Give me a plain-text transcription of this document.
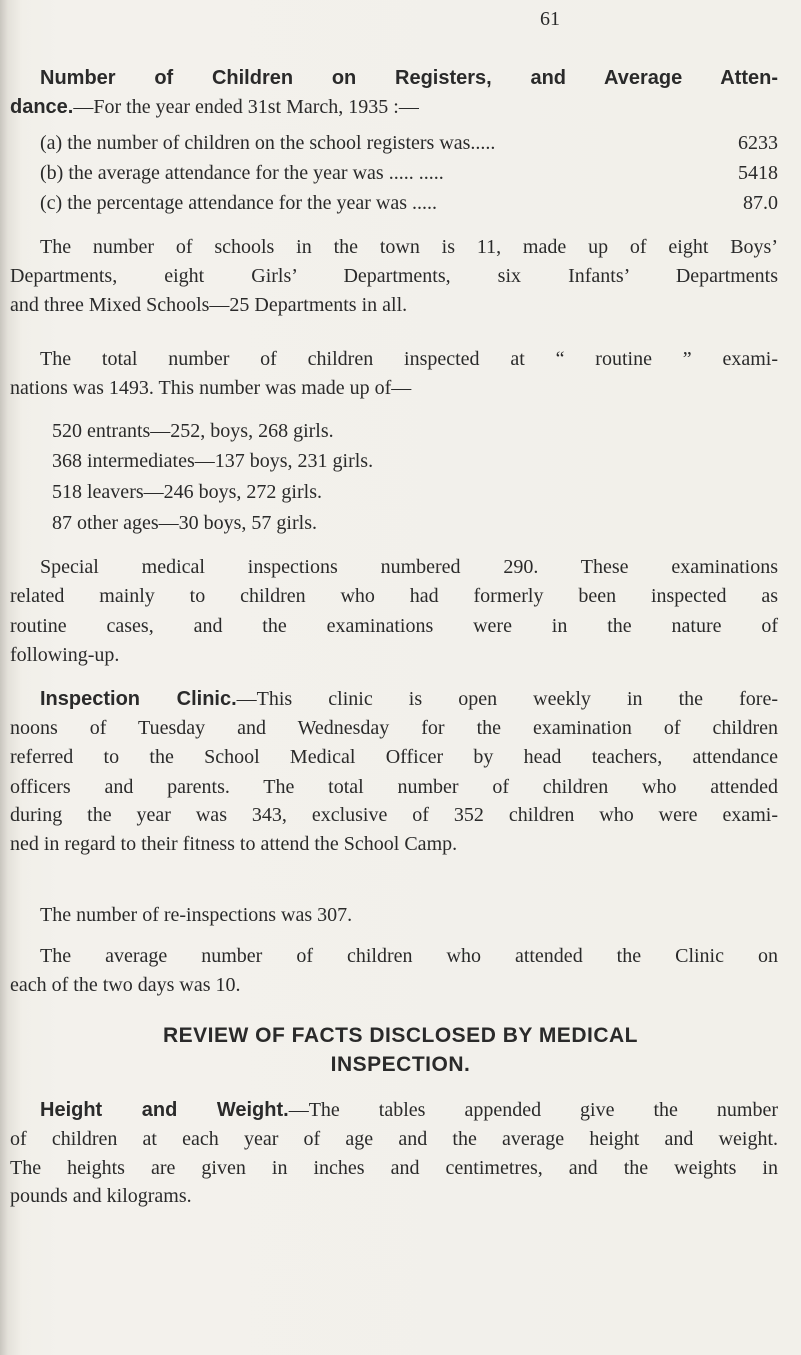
61
Number of Children on Registers, and Average Atten-
dance.—For the year ended 31st March, 1935 :—
(a) the number of children on the school registers was.....	6233
(b) the average attendance for the year was ..... .....	5418
(c) the percentage attendance for the year was .....	87.0
The number of schools in the town is 11, made up of eight Boys’
Departments, eight Girls’ Departments, six Infants’ Departments
and three Mixed Schools—25 Departments in all.
The total number of children inspected at “ routine ” exami-
nations was 1493. This number was made up of—
520 entrants—252, boys, 268 girls.
368 intermediates—137 boys, 231 girls.
518 leavers—246 boys, 272 girls.
87 other ages—30 boys, 57 girls.
Special medical inspections numbered 290. These examinations
related mainly to children who had formerly been inspected as
routine cases, and the examinations were in the nature of
following-up.
Inspection Clinic.—This clinic is open weekly in the fore-
noons of Tuesday and Wednesday for the examination of children
referred to the School Medical Officer by head teachers, attendance
officers and parents. The total number of children who attended
during the year was 343, exclusive of 352 children who were exami-
ned in regard to their fitness to attend the School Camp.
The number of re-inspections was 307.
The average number of children who attended the Clinic on
each of the two days was 10.
REVIEW OF FACTS DISCLOSED BY MEDICAL
INSPECTION.
Height and Weight.—The tables appended give the number
of children at each year of age and the average height and weight.
The heights are given in inches and centimetres, and the weights in
pounds and kilograms.
